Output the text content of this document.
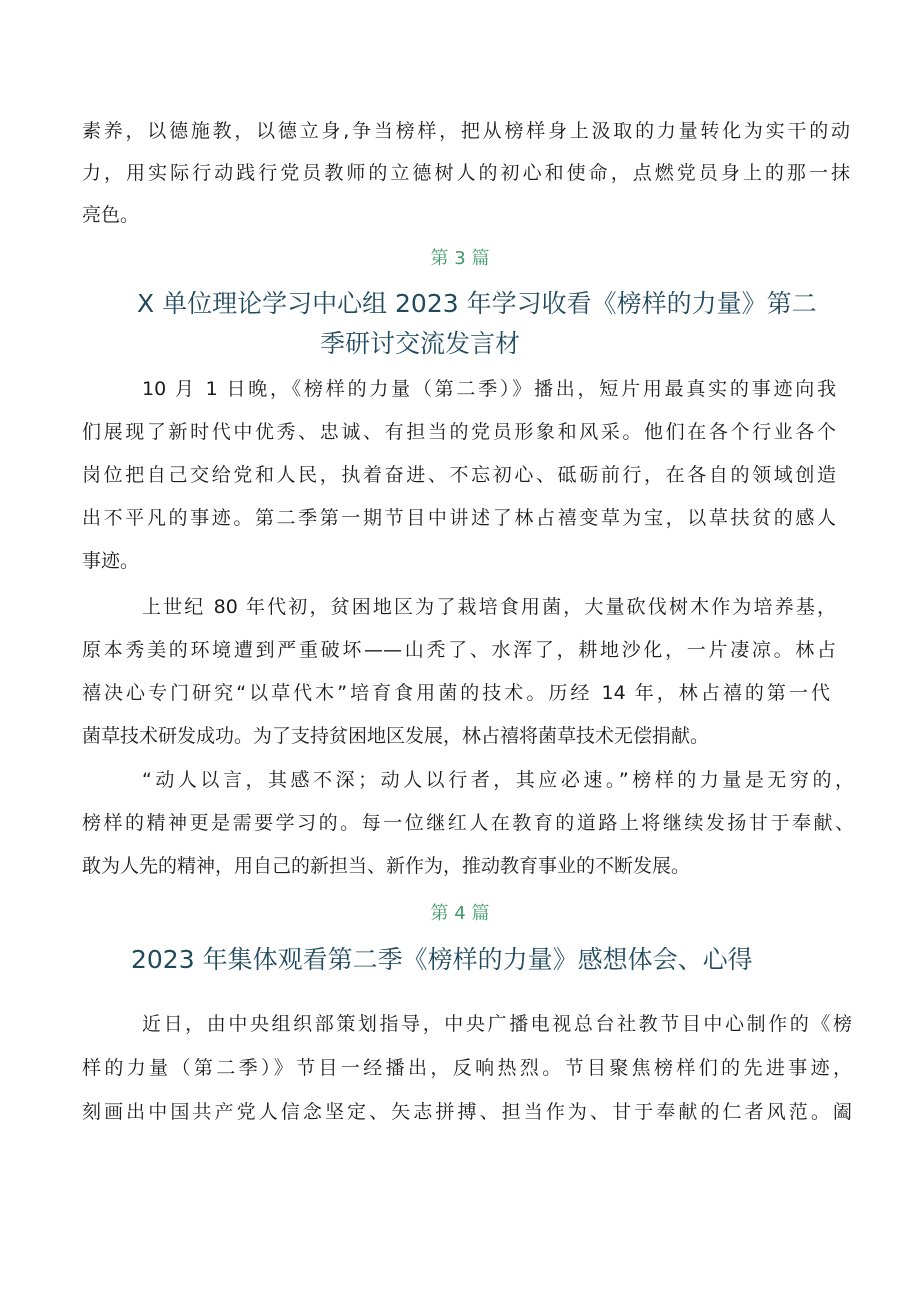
素养，以德施教，以德立身,争当榜样，把从榜样身上汲取的力量转化为实干的动
力，用实际行动践行党员教师的立德树人的初心和使命，点燃党员身上的那一抹
亮色。
第 3 篇
X 单位理论学习中心组 2023 年学习收看《榜样的力量》第二
季研讨交流发言材
10 月 1 日晚，《榜样的力量（第二季）》播出，短片用最真实的事迹向我
们展现了新时代中优秀、忠诚、有担当的党员形象和风采。他们在各个行业各个
岗位把自己交给党和人民，执着奋进、不忘初心、砥砺前行，在各自的领域创造
出不平凡的事迹。第二季第一期节目中讲述了林占禧变草为宝，以草扶贫的感人
事迹。
上世纪 80 年代初，贫困地区为了栽培食用菌，大量砍伐树木作为培养基，
原本秀美的环境遭到严重破坏——山秃了、水浑了，耕地沙化，一片凄凉。林占
禧决心专门研究“以草代木”培育食用菌的技术。历经 14 年，林占禧的第一代
菌草技术研发成功。为了支持贫困地区发展，林占禧将菌草技术无偿捐献。
“动人以言，其感不深；动人以行者，其应必速。”榜样的力量是无穷的，
榜样的精神更是需要学习的。每一位继红人在教育的道路上将继续发扬甘于奉献、
敢为人先的精神，用自己的新担当、新作为，推动教育事业的不断发展。
第 4 篇
2023 年集体观看第二季《榜样的力量》感想体会、心得
近日，由中央组织部策划指导，中央广播电视总台社教节目中心制作的《榜
样的力量（第二季）》节目一经播出，反响热烈。节目聚焦榜样们的先进事迹，
刻画出中国共产党人信念坚定、矢志拼搏、担当作为、甘于奉献的仁者风范。阖
